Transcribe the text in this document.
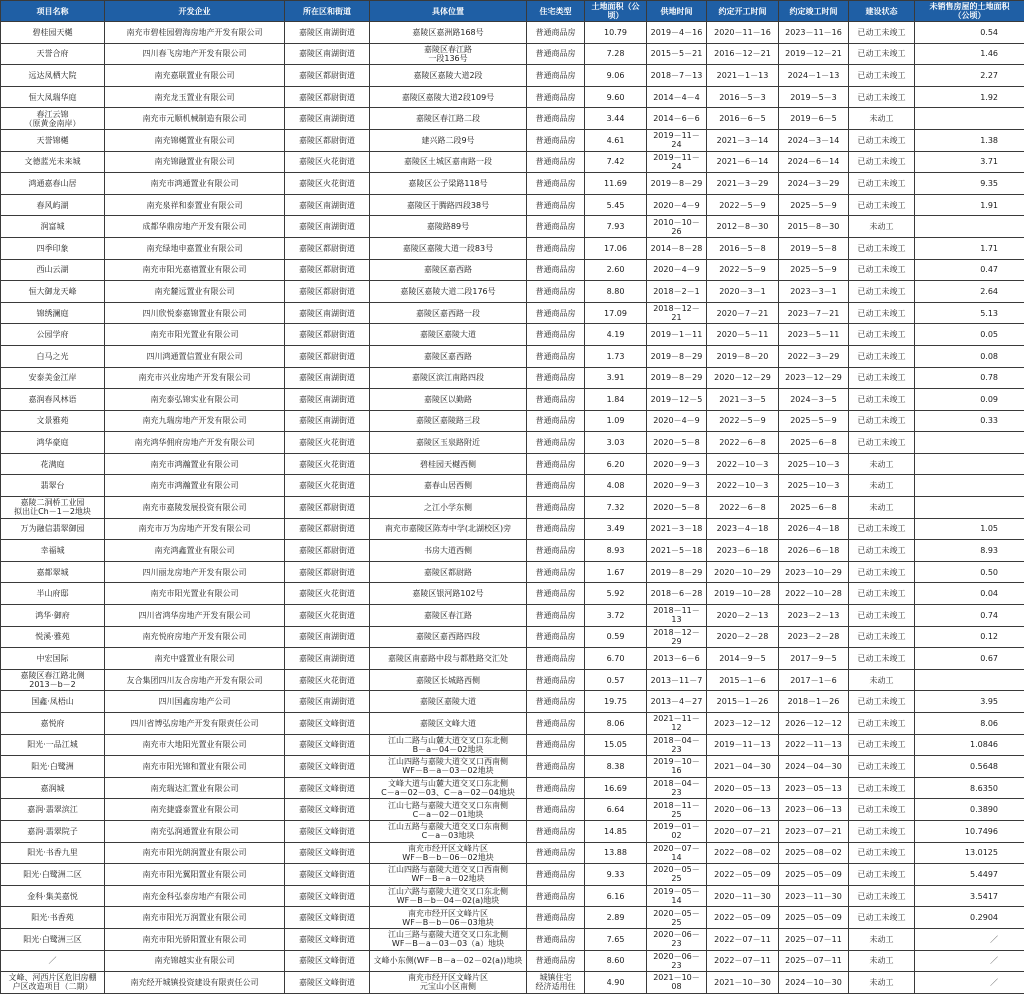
项目名称	开发企业	所在区和街道	具体位置	住宅类型	土地面积（公顷）	供地时间	约定开工时间	约定竣工时间	建设状态	未销售房屋的土地面积
（公顷）
碧桂园天樾	南充市碧桂园碧海房地产开发有限公司	嘉陵区南湖街道	嘉陵区嘉洲路168号	普通商品房	10.79	2019－4－16	2020－11－16	2023－11－16	已动工未竣工	0.54
天誉合府	四川春飞房地产开发有限公司	嘉陵区南湖街道	嘉陵区春江路
一段136号	普通商品房	7.28	2015－5－21	2016－12－21	2019－12－21	已动工未竣工	1.46
远达凤栖大院	南充嘉联置业有限公司	嘉陵区都尉街道	嘉陵区嘉陵大道2段	普通商品房	9.06	2018－7－13	2021－1－13	2024－1－13	已动工未竣工	2.27
恒大凤瑞华庭	南充龙玉置业有限公司	嘉陵区都尉街道	嘉陵区嘉陵大道2段109号	普通商品房	9.60	2014－4－4	2016－5－3	2019－5－3	已动工未竣工	1.92
春江云锦
（原黄金南岸）	南充市元顺机械制造有限公司	嘉陵区南湖街道	嘉陵区春江路二段	普通商品房	3.44	2014－6－6	2016－6－5	2019－6－5	未动工	
天誉锦樾	南充锦樾置业有限公司	嘉陵区都尉街道	建兴路二段9号	普通商品房	4.61	2019－11－24	2021－3－14	2024－3－14	已动工未竣工	1.38
文德蓝光未来城	南充锦融置业有限公司	嘉陵区火花街道	嘉陵区土城区嘉南路一段	普通商品房	7.42	2019－11－24	2021－6－14	2024－6－14	已动工未竣工	3.71
鸿通嘉春山居	南充市鸿通置业有限公司	嘉陵区火花街道	嘉陵区公子梁路118号	普通商品房	11.69	2019－8－29	2021－3－29	2024－3－29	已动工未竣工	9.35
春风屿湖	南充泉祥和泰置业有限公司	嘉陵区南湖街道	嘉陵区于腾路四段38号	普通商品房	5.45	2020－4－9	2022－5－9	2025－5－9	已动工未竣工	1.91
润富城	成都华鼎房地产开发有限公司	嘉陵区南湖街道	嘉陵路89号	普通商品房	7.93	2010－10－26	2012－8－30	2015－8－30	未动工	
四季印象	南充绿地申嘉置业有限公司	嘉陵区都尉街道	嘉陵区嘉陵大道一段83号	普通商品房	17.06	2014－8－28	2016－5－8	2019－5－8	已动工未竣工	1.71
西山云湖	南充市阳光嘉禧置业有限公司	嘉陵区都尉街道	嘉陵区嘉西路	普通商品房	2.60	2020－4－9	2022－5－9	2025－5－9	已动工未竣工	0.47
恒大御龙天峰	南充麓远置业有限公司	嘉陵区都尉街道	嘉陵区嘉陵大道二段176号	普通商品房	8.80	2018－2－1	2020－3－1	2023－3－1	已动工未竣工	2.64
锦绣澜庭	四川欣悦泰嘉锦置业有限公司	嘉陵区南湖街道	嘉陵区嘉西路一段	普通商品房	17.09	2018－12－21	2020－7－21	2023－7－21	已动工未竣工	5.13
公园学府	南充市阳光置业有限公司	嘉陵区都尉街道	嘉陵区嘉陵大道	普通商品房	4.19	2019－1－11	2020－5－11	2023－5－11	已动工未竣工	0.05
白马之光	四川鸿通置信置业有限公司	嘉陵区都尉街道	嘉陵区嘉西路	普通商品房	1.73	2019－8－29	2019－8－20	2022－3－29	已动工未竣工	0.08
安泰美金江岸	南充市兴业房地产开发有限公司	嘉陵区南湖街道	嘉陵区滨江南路四段	普通商品房	3.91	2019－8－29	2020－12－29	2023－12－29	已动工未竣工	0.78
嘉润春风林语	南充泰弘锦实业有限公司	嘉陵区南湖街道	嘉陵区以勤路	普通商品房	1.84	2019－12－5	2021－3－5	2024－3－5	已动工未竣工	0.09
文景雅苑	南充九瑞房地产开发有限公司	嘉陵区南湖街道	嘉陵区嘉陵路三段	普通商品房	1.09	2020－4－9	2022－5－9	2025－5－9	已动工未竣工	0.33
鸿华豪庭	南充鸿华佣府房地产开发有限公司	嘉陵区火花街道	嘉陵区玉泉路附近	普通商品房	3.03	2020－5－8	2022－6－8	2025－6－8	已动工未竣工	
花满庭	南充市鸿瀚置业有限公司	嘉陵区火花街道	碧桂园天樾西侧	普通商品房	6.20	2020－9－3	2022－10－3	2025－10－3	未动工	
翡翠台	南充市鸿瀚置业有限公司	嘉陵区火花街道	嘉春山居西侧	普通商品房	4.08	2020－9－3	2022－10－3	2025－10－3	未动工	
嘉陵二洞桥工业园
拟出让Ch－1－2地块	南充市嘉陵发展投资有限公司	嘉陵区都尉街道	之江小学东侧	普通商品房	7.32	2020－5－8	2022－6－8	2025－6－8	未动工	
万为融信翡翠御园	南充市万为房地产开发有限公司	嘉陵区都尉街道	南充市嘉陵区陈寿中学(北湖校区)旁	普通商品房	3.49	2021－3－18	2023－4－18	2026－4－18	已动工未竣工	1.05
幸福城	南充鸿鑫置业有限公司	嘉陵区都尉街道	书房大道西侧	普通商品房	8.93	2021－5－18	2023－6－18	2026－6－18	已动工未竣工	8.93
嘉都翠城	四川丽龙房地产开发有限公司	嘉陵区都尉街道	嘉陵区都尉路	普通商品房	1.67	2019－8－29	2020－10－29	2023－10－29	已动工未竣工	0.50
半山府邸	南充市阳光置业有限公司	嘉陵区火花街道	嘉陵区银河路102号	普通商品房	5.92	2018－6－28	2019－10－28	2022－10－28	已动工未竣工	0.04
鸿华·御府	四川省鸿华房地产开发有限公司	嘉陵区火花街道	嘉陵区春江路	普通商品房	3.72	2018－11－13	2020－2－13	2023－2－13	已动工未竣工	0.74
悦溪·雅苑	南充悦府房地产开发有限公司	嘉陵区南湖街道	嘉陵区嘉西路四段	普通商品房	0.59	2018－12－29	2020－2－28	2023－2－28	已动工未竣工	0.12
中宏国际	南充中盛置业有限公司	嘉陵区南湖街道	嘉陵区南嘉路中段与都胜路交汇处	普通商品房	6.70	2013－6－6	2014－9－5	2017－9－5	已动工未竣工	0.67
嘉陵区春江路北侧
2013－b－2	友合集团四川友合房地产开发有限公司	嘉陵区火花街道	嘉陵区长城路西侧	普通商品房	0.57	2013－11－7	2015－1－6	2017－1－6	未动工	
国鑫·凤梧山	四川国鑫房地产公司	嘉陵区南湖街道	嘉陵区嘉陵大道	普通商品房	19.75	2013－4－27	2015－1－26	2018－1－26	已动工未竣工	3.95
嘉悦府	四川省博弘房地产开发有限责任公司	嘉陵区文峰街道	嘉陵区文峰大道	普通商品房	8.06	2021－11－12	2023－12－12	2026－12－12	已动工未竣工	8.06
阳光·一品江城	南充市大地阳光置业有限公司	嘉陵区文峰街道	江山二路与山麓大道交叉口东北侧
B－a－04－02地块	普通商品房	15.05	2018－04－23	2019－11－13	2022－11－13	已动工未竣工	1.0846
阳光·白鹭洲	南充市阳光锦和置业有限公司	嘉陵区文峰街道	江山四路与嘉陵大道交叉口西南侧
WF－B－a－03－02地块	普通商品房	8.38	2019－10－16	2021－04－30	2024－04－30	已动工未竣工	0.5648
嘉润城	南充瑞达汇置业有限公司	嘉陵区文峰街道	文峰大道与山麓大道交叉口东北侧
C－a－02－03、C－a－02－04地块	普通商品房	16.69	2018－04－23	2020－05－13	2023－05－13	已动工未竣工	8.6350
嘉润·翡翠滨江	南充捷盛泰置业有限公司	嘉陵区文峰街道	江山七路与嘉陵大道交叉口东南侧
C－a－02－01地块	普通商品房	6.64	2018－11－25	2020－06－13	2023－06－13	已动工未竣工	0.3890
嘉润·翡翠院子	南充弘润通置业有限公司	嘉陵区文峰街道	江山五路与嘉陵大道交叉口东南侧
C－a－03地块	普通商品房	14.85	2019－01－02	2020－07－21	2023－07－21	已动工未竣工	10.7496
阳光·书香九里	南充市阳光朗润置业有限公司	嘉陵区文峰街道	南充市经开区文峰片区
WF－B－b－06－02地块	普通商品房	13.88	2020－07－14	2022－08－02	2025－08－02	已动工未竣工	13.0125
阳光·白鹭洲二区	南充市阳光翼阳置业有限公司	嘉陵区文峰街道	江山四路与嘉陵大道交叉口西南侧
WF－B－a－02地块	普通商品房	9.33	2020－05－25	2022－05－09	2025－05－09	已动工未竣工	5.4497
金科·集美嘉悦	南充金科弘泰房地产有限公司	嘉陵区文峰街道	江山六路与嘉陵大道交叉口东北侧
WF－B－b－04－02(a)地块	普通商品房	6.16	2019－05－14	2020－11－30	2023－11－30	已动工未竣工	3.5417
阳光·书香苑	南充市阳光万润置业有限公司	嘉陵区文峰街道	南充市经开区文峰片区
WF－B－b－06－03地块	普通商品房	2.89	2020－05－25	2022－05－09	2025－05－09	已动工未竣工	0.2904
阳光·白鹭洲三区	南充市阳光骄阳置业有限公司	嘉陵区文峰街道	江山三路与嘉陵大道交叉口东北侧
WF－B－a－03－03（a）地块	普通商品房	7.65	2020－06－23	2022－07－11	2025－07－11	未动工	／
／	南充锦越实业有限公司	嘉陵区文峰街道	文峰小东侧(WF－B－a－02－02(a))地块	普通商品房	8.60	2020－06－23	2022－07－11	2025－07－11	未动工	／
文峰、河西片区危旧房棚
户区改造项目（二期）	南充经开城镇投资建设有限责任公司	嘉陵区文峰街道	南充市经开区文峰片区
元宝山小区南侧	城镇住宅
经济适用住	4.90	2021－10－08	2021－10－30	2024－10－30	未动工	／
